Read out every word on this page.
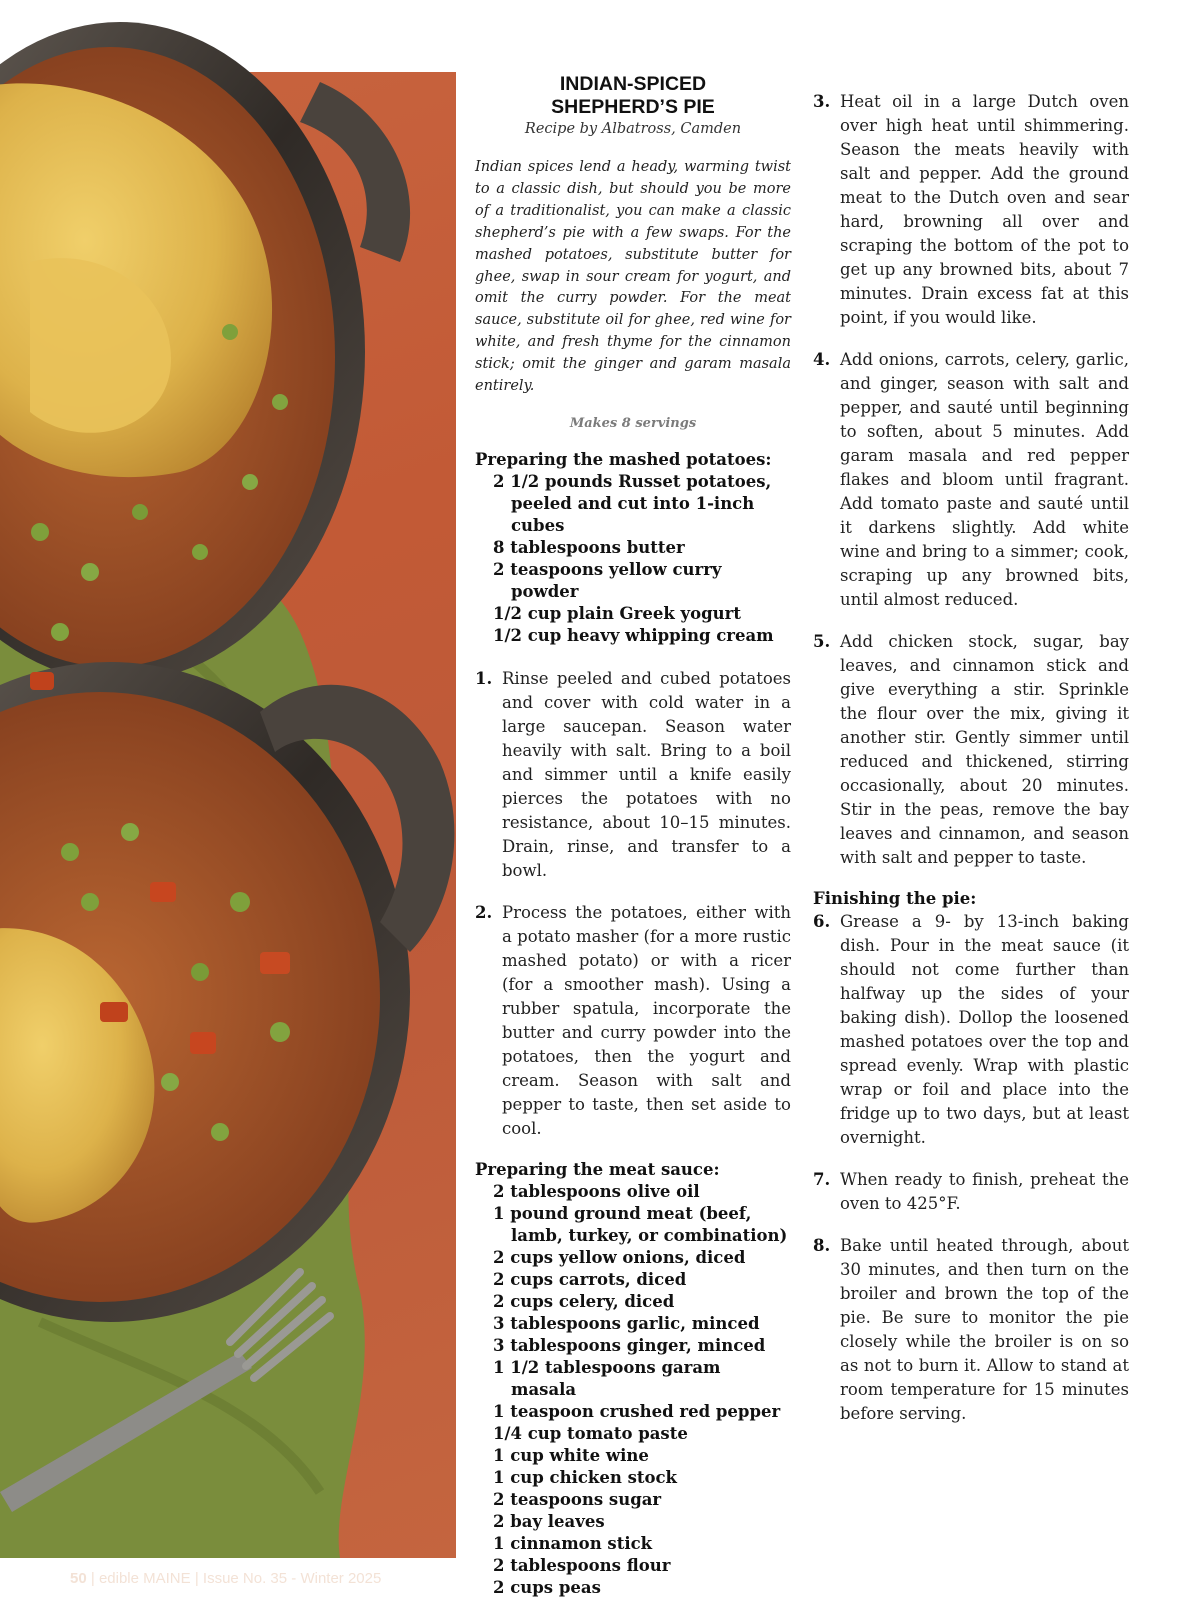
50 | edible MAINE | Issue No. 35 - Winter 2025
INDIAN-SPICED
SHEPHERD’S PIE

Recipe by Albatross, Camden

Indian spices lend a heady, warming twist to a classic dish, but should you be more of a traditionalist, you can make a classic shepherd’s pie with a few swaps. For the mashed potatoes, substitute butter for ghee, swap in sour cream for yogurt, and omit the curry powder. For the meat sauce, substitute oil for ghee, red wine for white, and fresh thyme for the cinnamon stick; omit the ginger and garam masala entirely.

Makes 8 servings

Preparing the mashed potatoes:

2 1/2 pounds Russet potatoes, peeled and cut into 1-inch cubes
8 tablespoons butter
2 teaspoons yellow curry powder
1/2 cup plain Greek yogurt
1/2 cup heavy whipping cream
1. Rinse peeled and cubed potatoes and cover with cold water in a large saucepan. Season water heavily with salt. Bring to a boil and simmer until a knife easily pierces the potatoes with no resistance, about 10–15 minutes. Drain, rinse, and transfer to a bowl.
2. Process the potatoes, either with a potato masher (for a more rustic mashed potato) or with a ricer (for a smoother mash). Using a rubber spatula, incorporate the butter and curry powder into the potatoes, then the yogurt and cream. Season with salt and pepper to taste, then set aside to cool.

Preparing the meat sauce:

2 tablespoons olive oil
1 pound ground meat (beef, lamb, turkey, or combination)
2 cups yellow onions, diced
2 cups carrots, diced
2 cups celery, diced
3 tablespoons garlic, minced
3 tablespoons ginger, minced
1 1/2 tablespoons garam masala
1 teaspoon crushed red pepper
1/4 cup tomato paste
1 cup white wine
1 cup chicken stock
2 teaspoons sugar
2 bay leaves
1 cinnamon stick
2 tablespoons flour
2 cups peas
3. Heat oil in a large Dutch oven over high heat until shimmering. Season the meats heavily with salt and pepper. Add the ground meat to the Dutch oven and sear hard, browning all over and scraping the bottom of the pot to get up any browned bits, about 7 minutes. Drain excess fat at this point, if you would like.
4. Add onions, carrots, celery, garlic, and ginger, season with salt and pepper, and sauté until beginning to soften, about 5 minutes. Add garam masala and red pepper flakes and bloom until fragrant. Add tomato paste and sauté until it darkens slightly. Add white wine and bring to a simmer; cook, scraping up any browned bits, until almost reduced.
5. Add chicken stock, sugar, bay leaves, and cinnamon stick and give everything a stir. Sprinkle the flour over the mix, giving it another stir. Gently simmer until reduced and thickened, stirring occasionally, about 20 minutes. Stir in the peas, remove the bay leaves and cinnamon, and season with salt and pepper to taste.

Finishing the pie:

6. Grease a 9- by 13-inch baking dish. Pour in the meat sauce (it should not come further than halfway up the sides of your baking dish). Dollop the loosened mashed potatoes over the top and spread evenly. Wrap with plastic wrap or foil and place into the fridge up to two days, but at least overnight.
7. When ready to finish, preheat the oven to 425°F.
8. Bake until heated through, about 30 minutes, and then turn on the broiler and brown the top of the pie. Be sure to monitor the pie closely while the broiler is on so as not to burn it. Allow to stand at room temperature for 15 minutes before serving.
